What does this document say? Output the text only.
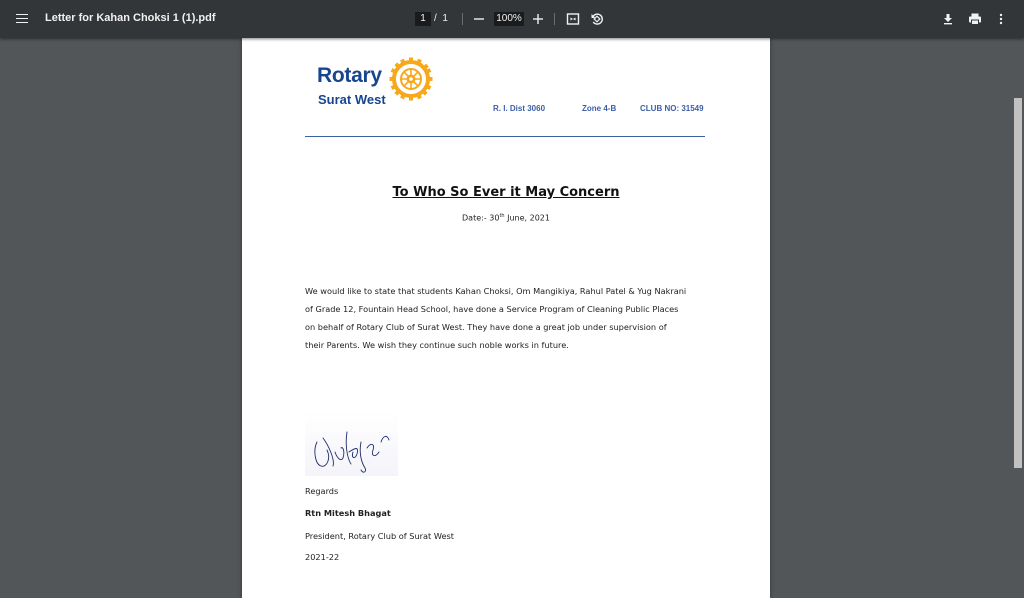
Letter for Kahan Choksi 1 (1).pdf
1	/ 1	100%
Rotary
Surat West
R. I. Dist 3060	Zone 4-B	CLUB NO: 31549
To Who So Ever it May Concern
Date:- 30th June, 2021
We would like to state that students Kahan Choksi, Om Mangikiya, Rahul Patel & Yug Nakrani
of Grade 12, Fountain Head School, have done a Service Program of Cleaning Public Places
on behalf of Rotary Club of Surat West. They have done a great job under supervision of
their Parents. We wish they continue such noble works in future.
Regards
Rtn Mitesh Bhagat
President, Rotary Club of Surat West
2021-22
